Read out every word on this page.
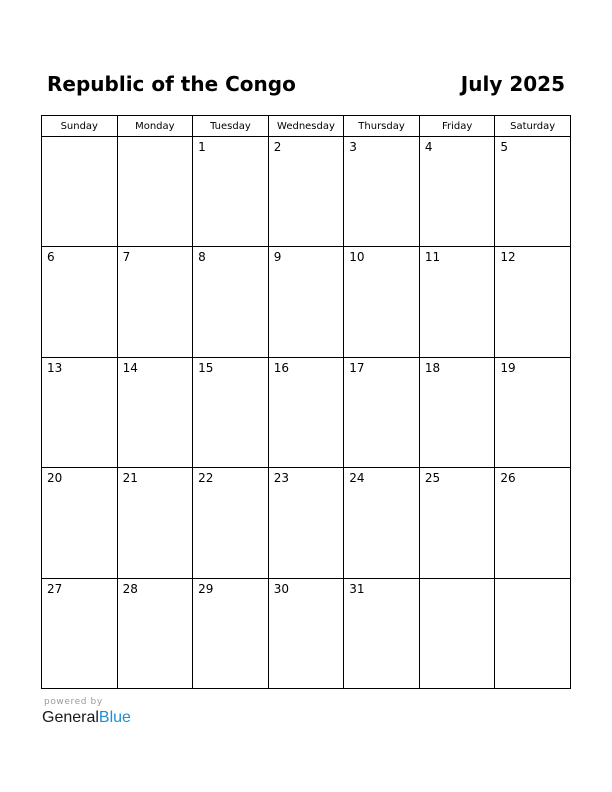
Republic of the Congo	July 2025
Sunday	Monday	Tuesday	Wednesday	Thursday	Friday	Saturday

		1	2	3	4	5

6	7	8	9	10	11	12

13	14	15	16	17	18	19

20	21	22	23	24	25	26

27	28	29	30	31		

powered by
GeneralBlue
